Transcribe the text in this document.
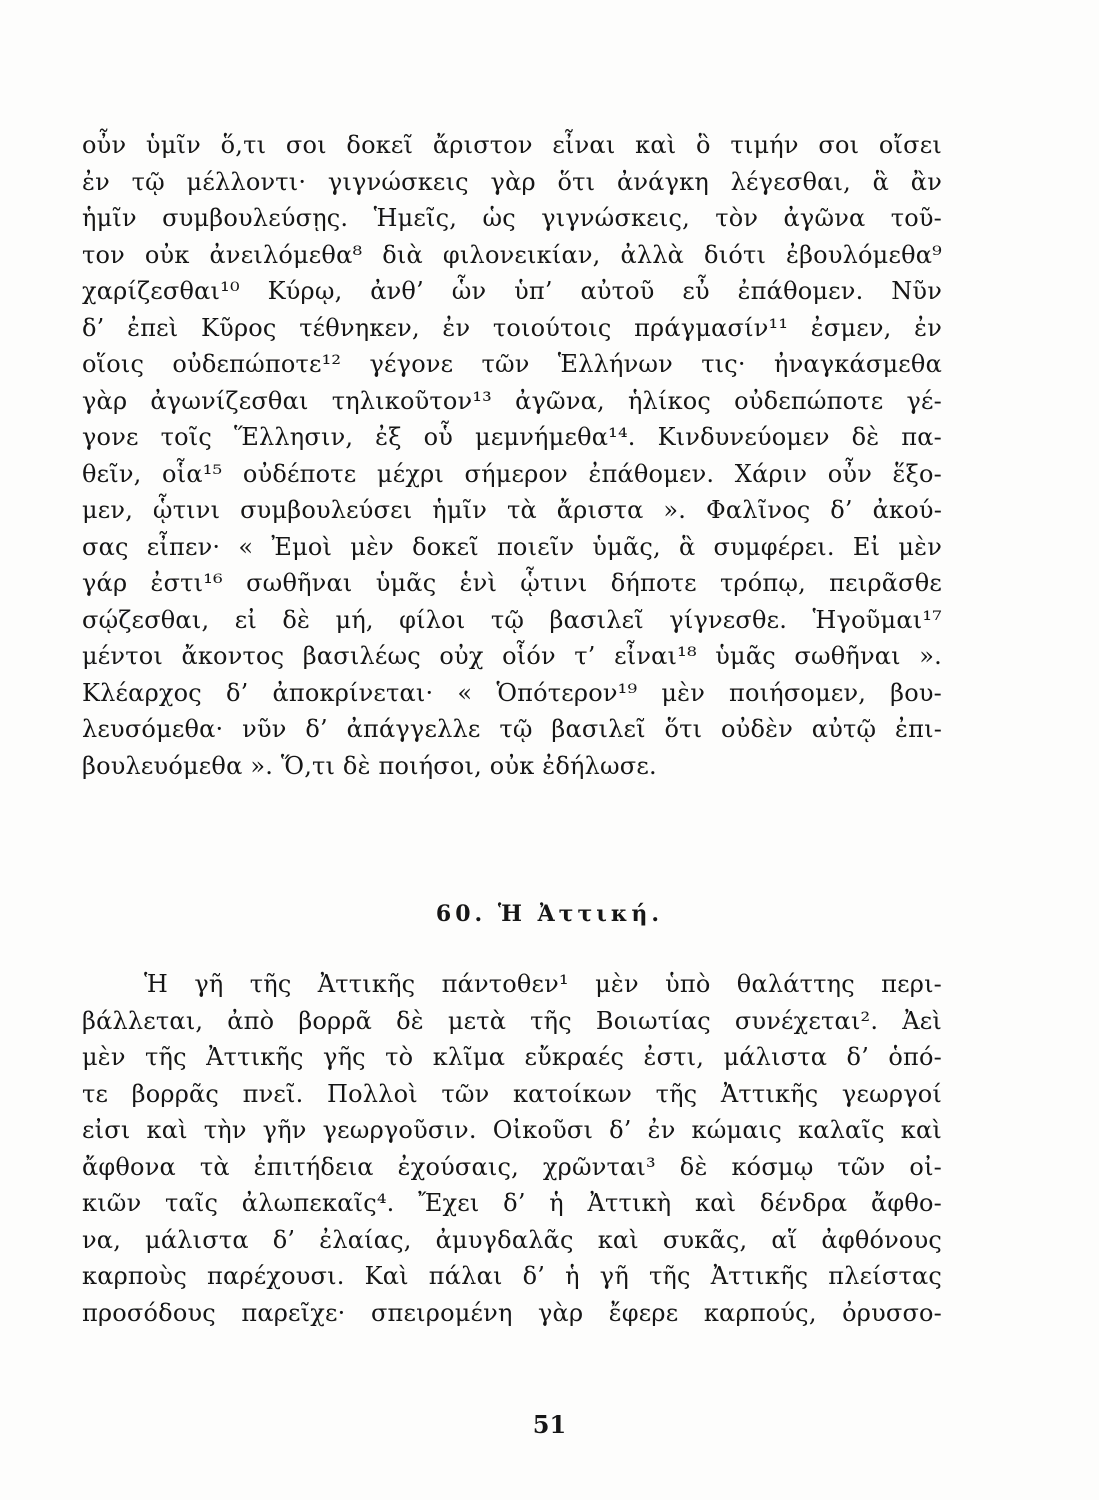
οὖν ὑμῖν ὅ,τι σοι δοκεῖ ἄριστον εἶναι καὶ ὃ τιμήν σοι οἴσει
ἐν τῷ μέλλοντι· γιγνώσκεις γὰρ ὅτι ἀνάγκη λέγεσθαι, ἃ ἂν
ἡμῖν συμβουλεύσῃς. Ἡμεῖς, ὡς γιγνώσκεις, τὸν ἀγῶνα τοῦ-
τον οὐκ ἀνειλόμεθα⁸ διὰ φιλονεικίαν, ἀλλὰ διότι ἐβουλόμεθα⁹
χαρίζεσθαι¹⁰ Κύρῳ, ἀνθ’ ὧν ὑπ’ αὐτοῦ εὖ ἐπάθομεν. Νῦν
δ’ ἐπεὶ Κῦρος τέθνηκεν, ἐν τοιούτοις πράγμασίν¹¹ ἐσμεν, ἐν
οἵοις οὐδεπώποτε¹² γέγονε τῶν Ἑλλήνων τις· ἠναγκάσμεθα
γὰρ ἀγωνίζεσθαι τηλικοῦτον¹³ ἀγῶνα, ἡλίκος οὐδεπώποτε γέ-
γονε τοῖς Ἕλλησιν, ἐξ οὗ μεμνήμεθα¹⁴. Κινδυνεύομεν δὲ πα-
θεῖν, οἷα¹⁵ οὐδέποτε μέχρι σήμερον ἐπάθομεν. Χάριν οὖν ἕξο-
μεν, ᾧτινι συμβουλεύσει ἡμῖν τὰ ἄριστα ». Φαλῖνος δ’ ἀκού-
σας εἶπεν· « Ἐμοὶ μὲν δοκεῖ ποιεῖν ὑμᾶς, ἃ συμφέρει. Εἰ μὲν
γάρ ἐστι¹⁶ σωθῆναι ὑμᾶς ἑνὶ ᾧτινι δήποτε τρόπῳ, πειρᾶσθε
σῴζεσθαι, εἰ δὲ μή, φίλοι τῷ βασιλεῖ γίγνεσθε. Ἡγοῦμαι¹⁷
μέντοι ἄκοντος βασιλέως οὐχ οἷόν τ’ εἶναι¹⁸ ὑμᾶς σωθῆναι ».
Κλέαρχος δ’ ἀποκρίνεται· « Ὁπότερον¹⁹ μὲν ποιήσομεν, βου-
λευσόμεθα· νῦν δ’ ἀπάγγελλε τῷ βασιλεῖ ὅτι οὐδὲν αὐτῷ ἐπι-
βουλευόμεθα ». Ὅ,τι δὲ ποιήσοι, οὐκ ἐδήλωσε.
60. Ἡ Ἀττική.
Ἡ γῆ τῆς Ἀττικῆς πάντοθεν¹ μὲν ὑπὸ θαλάττης περι-
βάλλεται, ἀπὸ βορρᾶ δὲ μετὰ τῆς Βοιωτίας συνέχεται². Ἀεὶ
μὲν τῆς Ἀττικῆς γῆς τὸ κλῖμα εὔκραές ἐστι, μάλιστα δ’ ὁπό-
τε βορρᾶς πνεῖ. Πολλοὶ τῶν κατοίκων τῆς Ἀττικῆς γεωργοί
εἰσι καὶ τὴν γῆν γεωργοῦσιν. Οἰκοῦσι δ’ ἐν κώμαις καλαῖς καὶ
ἄφθονα τὰ ἐπιτήδεια ἐχούσαις, χρῶνται³ δὲ κόσμῳ τῶν οἰ-
κιῶν ταῖς ἀλωπεκαῖς⁴. Ἔχει δ’ ἡ Ἀττικὴ καὶ δένδρα ἄφθο-
να, μάλιστα δ’ ἐλαίας, ἀμυγδαλᾶς καὶ συκᾶς, αἵ ἀφθόνους
καρποὺς παρέχουσι. Καὶ πάλαι δ’ ἡ γῆ τῆς Ἀττικῆς πλείστας
προσόδους παρεῖχε· σπειρομένη γὰρ ἔφερε καρπούς, ὀρυσσο-
51
